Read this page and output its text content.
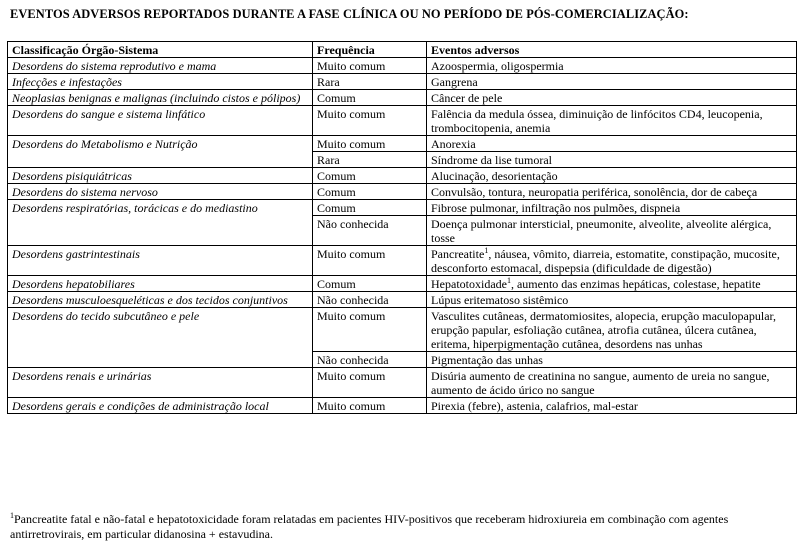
EVENTOS ADVERSOS REPORTADOS DURANTE A FASE CLÍNICA OU NO PERÍODO DE PÓS-COMERCIALIZAÇÃO:
Classificação Órgão-Sistema	Frequência	Eventos adversos
Desordens do sistema reprodutivo e mama	Muito comum	Azoospermia, oligospermia
Infecções e infestações	Rara	Gangrena
Neoplasias benignas e malignas (incluindo cistos e pólipos)	Comum	Câncer de pele
Desordens do sangue e sistema linfático	Muito comum	Falência da medula óssea, diminuição de linfócitos CD4, leucopenia, trombocitopenia, anemia
Desordens do Metabolismo e Nutrição	Muito comum	Anorexia
	Rara	Síndrome da lise tumoral
Desordens pisiquiátricas	Comum	Alucinação, desorientação
Desordens do sistema nervoso	Comum	Convulsão, tontura, neuropatia periférica, sonolência, dor de cabeça
Desordens respiratórias, torácicas e do mediastino	Comum	Fibrose pulmonar, infiltração nos pulmões, dispneia
	Não conhecida	Doença pulmonar intersticial, pneumonite, alveolite, alveolite alérgica, tosse
Desordens gastrintestinais	Muito comum	Pancreatite$^1$, náusea, vômito, diarreia, estomatite, constipação, mucosite, desconforto estomacal, dispepsia (dificuldade de digestão)
Desordens hepatobiliares	Comum	Hepatotoxidade$^1$, aumento das enzimas hepáticas, colestase, hepatite
Desordens musculoesqueléticas e dos tecidos conjuntivos	Não conhecida	Lúpus eritematoso sistêmico
Desordens do tecido subcutâneo e pele	Muito comum	Vasculites cutâneas, dermatomiosites, alopecia, erupção maculopapular, erupção papular, esfoliação cutânea, atrofia cutânea, úlcera cutânea, eritema, hiperpigmentação cutânea, desordens nas unhas
	Não conhecida	Pigmentação das unhas
Desordens renais e urinárias	Muito comum	Disúria aumento de creatinina no sangue, aumento de ureia no sangue, aumento de ácido úrico no sangue
Desordens gerais e condições de administração local	Muito comum	Pirexia (febre), astenia, calafrios, mal-estar
$^1$Pancreatite fatal e não-fatal e hepatotoxicidade foram relatadas em pacientes HIV-positivos que receberam hidroxiureia em combinação com agentes antirretrovirais, em particular didanosina + estavudina.
